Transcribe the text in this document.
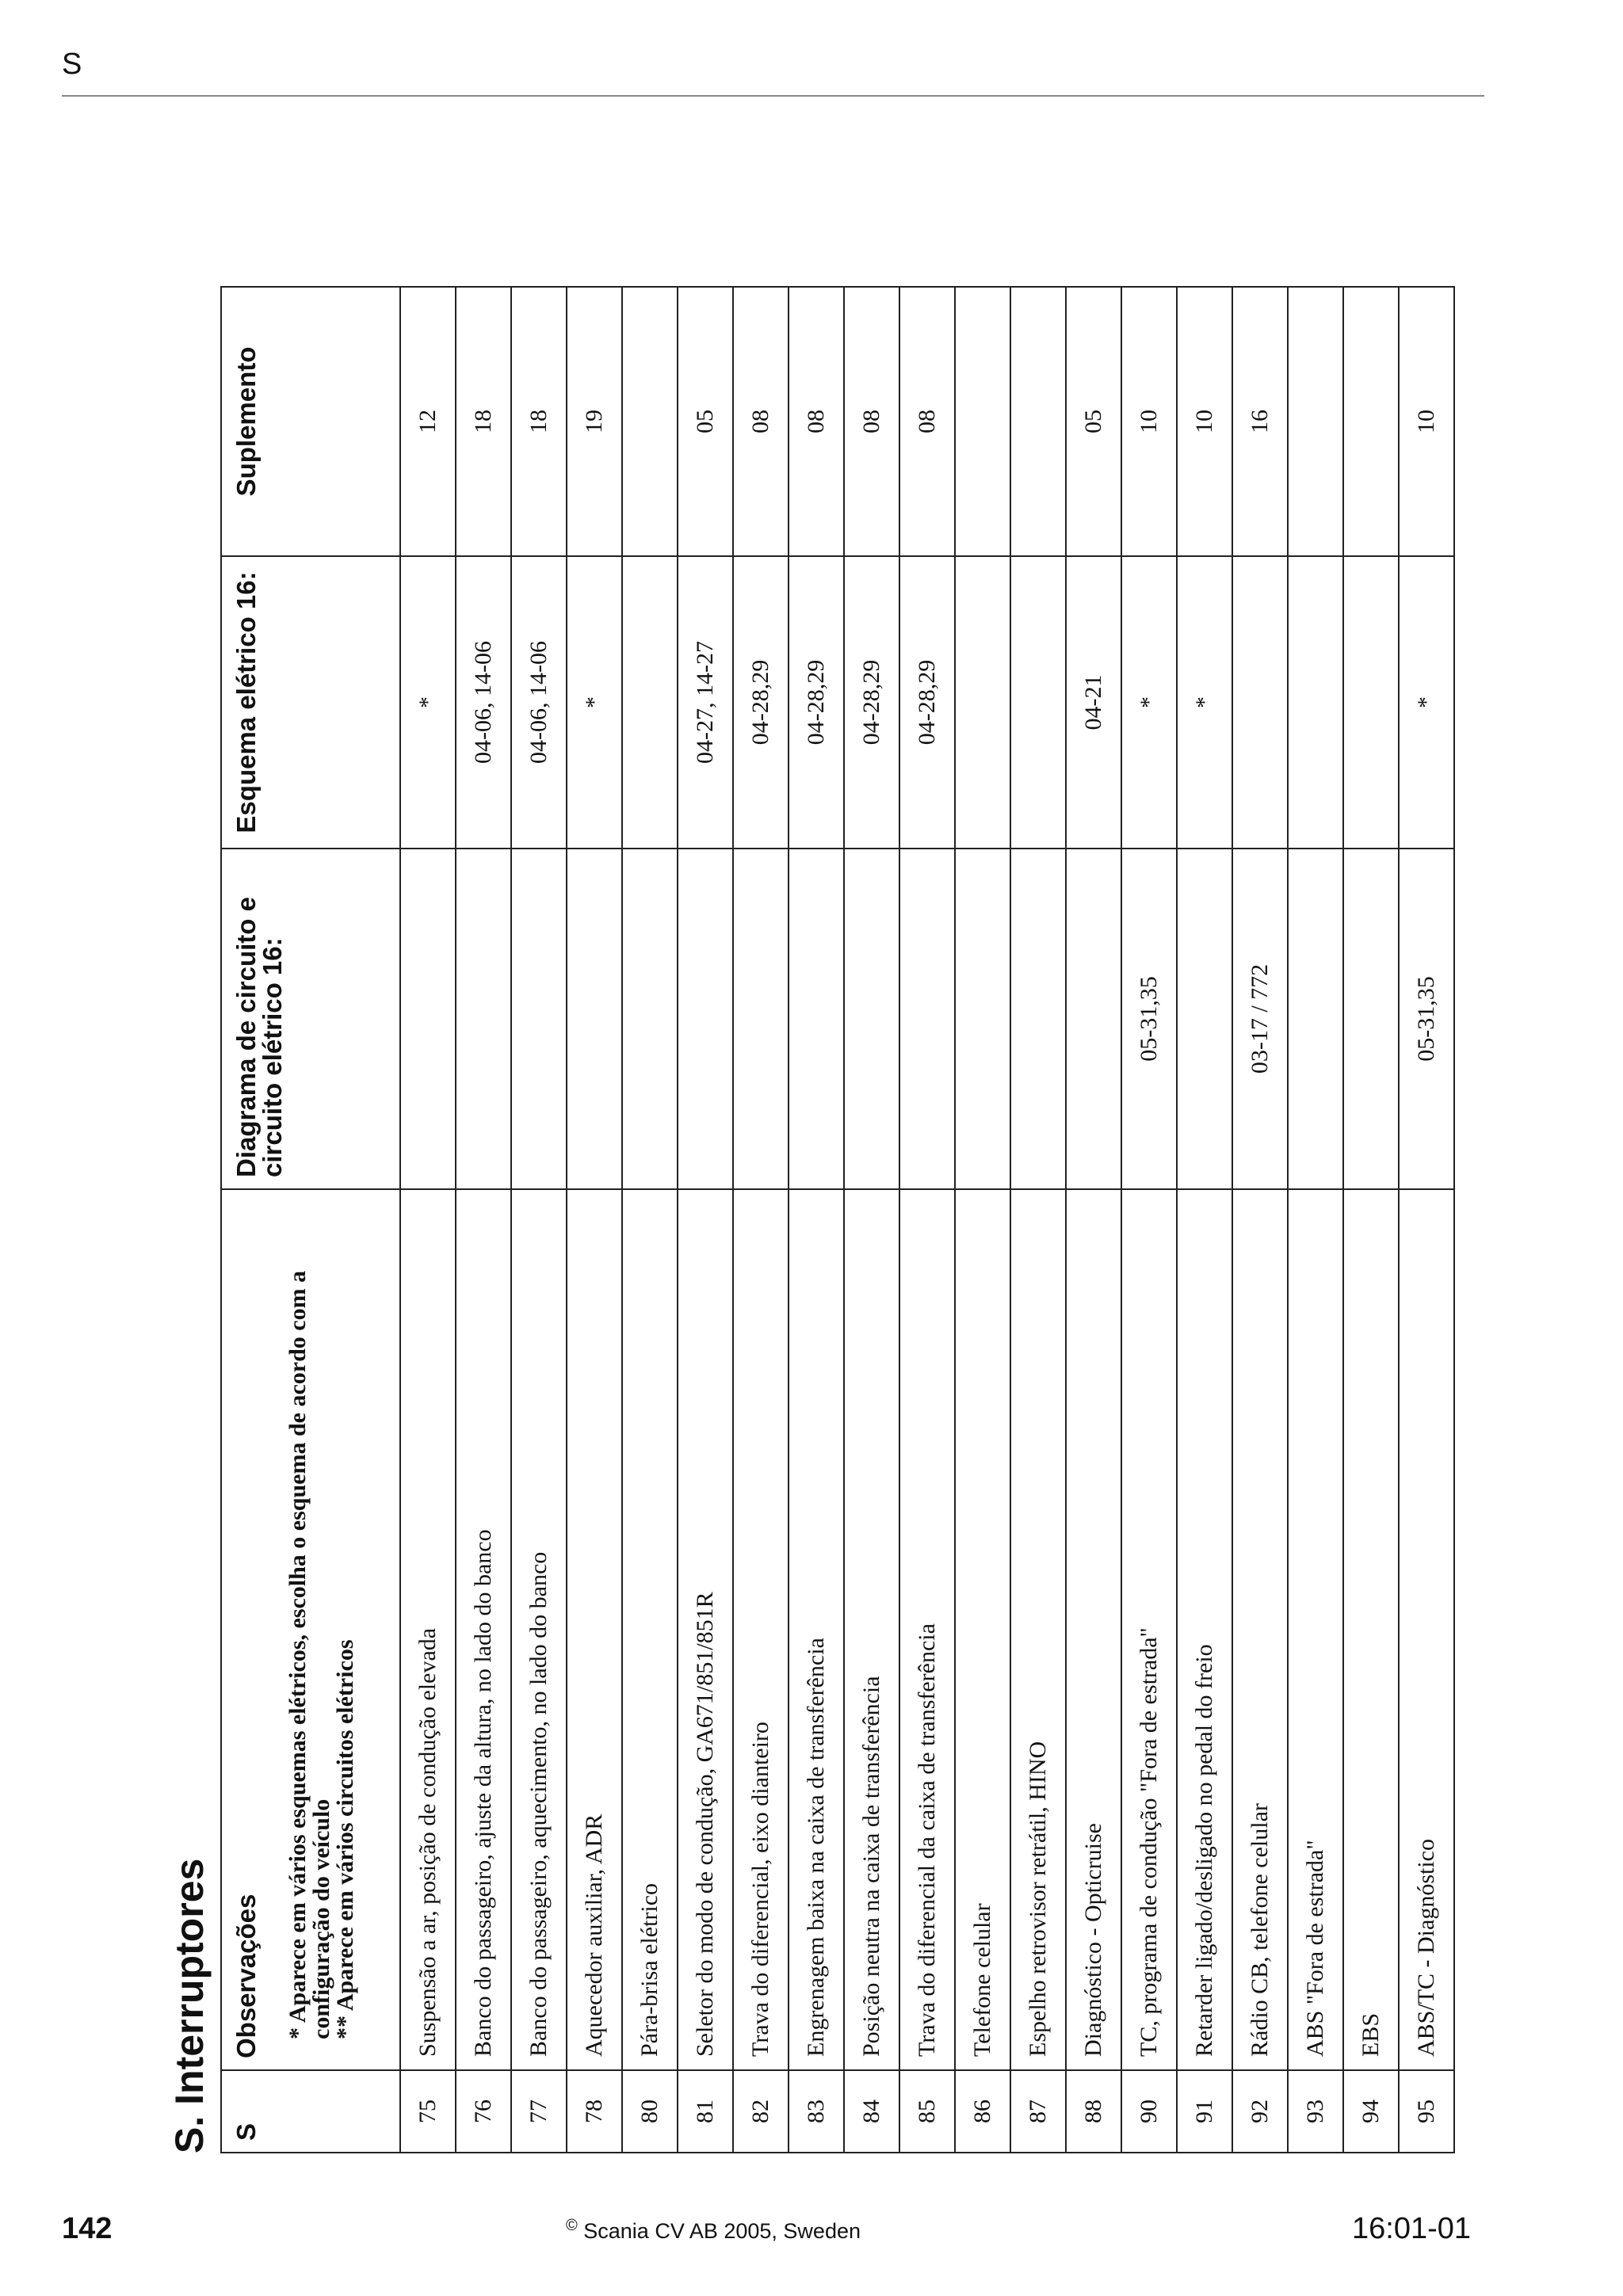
S
S. Interruptores S	Observações * Aparece em vários esquemas elétricos, escolha o esquema de acordo com a configuração do veículo
** Aparece em vários circuitos elétricos	Diagrama de circuito e circuito elétrico 16:	Esquema elétrico 16:	Suplemento
75	Suspensão a ar, posição de condução elevada		*	12
76	Banco do passageiro, ajuste da altura, no lado do banco		04-06, 14-06	18
77	Banco do passageiro, aquecimento, no lado do banco		04-06, 14-06	18
78	Aquecedor auxiliar, ADR		*	19
80	Pára-brisa elétrico			
81	Seletor do modo de condução, GA671/851/851R		04-27, 14-27	05
82	Trava do diferencial, eixo dianteiro		04-28,29	08
83	Engrenagem baixa na caixa de transferência		04-28,29	08
84	Posição neutra na caixa de transferência		04-28,29	08
85	Trava do diferencial da caixa de transferência		04-28,29	08
86	Telefone celular			
87	Espelho retrovisor retrátil, HINO			
88	Diagnóstico - Opticruise		04-21	05
90	TC, programa de condução "Fora de estrada"	05-31,35	*	10
91	Retarder ligado/desligado no pedal do freio		*	10
92	Rádio CB, telefone celular	03-17 / 772		16
93	ABS "Fora de estrada"			
94	EBS			
95	ABS/TC - Diagnóstico	05-31,35	*	10
142	© Scania CV AB 2005, Sweden	16:01-01
